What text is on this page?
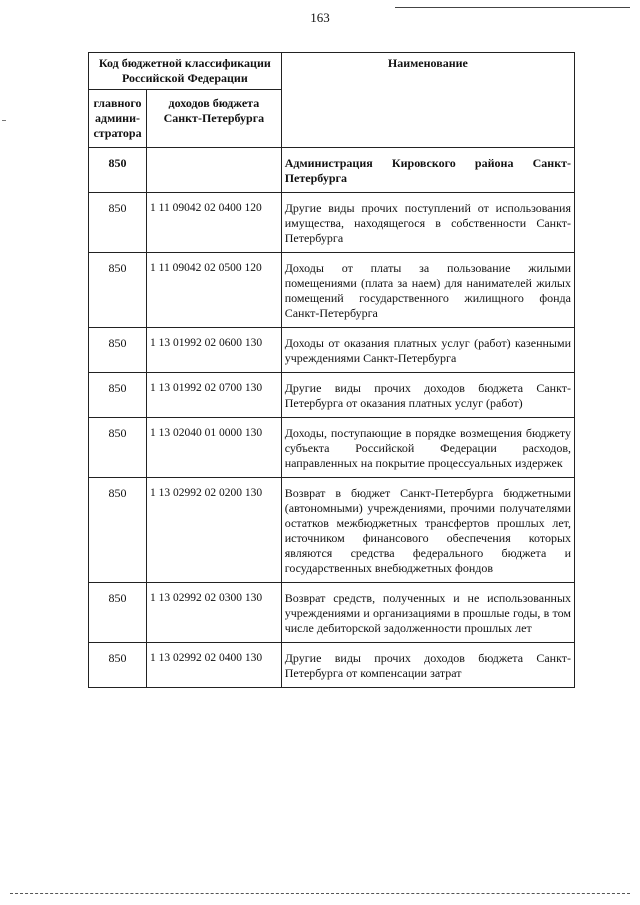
163
Код бюджетной классификации Российской Федерации		Наименование
главного админи-стратора	доходов бюджета Санкт-Петербурга	
850		Администрация Кировского района Санкт-Петербурга
850	1 11 09042 02 0400 120	Другие виды прочих поступлений от использования имущества, находящегося в собственности Санкт-Петербурга
850	1 11 09042 02 0500 120	Доходы от платы за пользование жилыми помещениями (плата за наем) для нанимателей жилых помещений государственного жилищного фонда Санкт-Петербурга
850	1 13 01992 02 0600 130	Доходы от оказания платных услуг (работ) казенными учреждениями Санкт-Петербурга
850	1 13 01992 02 0700 130	Другие виды прочих доходов бюджета Санкт-Петербурга от оказания платных услуг (работ)
850	1 13 02040 01 0000 130	Доходы, поступающие в порядке возмещения бюджету субъекта Российской Федерации расходов, направленных на покрытие процессуальных издержек
850	1 13 02992 02 0200 130	Возврат в бюджет Санкт-Петербурга бюджетными (автономными) учреждениями, прочими получателями остатков межбюджетных трансфертов прошлых лет, источником финансового обеспечения которых являются средства федерального бюджета и государственных внебюджетных фондов
850	1 13 02992 02 0300 130	Возврат средств, полученных и не использованных учреждениями и организациями в прошлые годы, в том числе дебиторской задолженности прошлых лет
850	1 13 02992 02 0400 130	Другие виды прочих доходов бюджета Санкт-Петербурга от компенсации затрат
